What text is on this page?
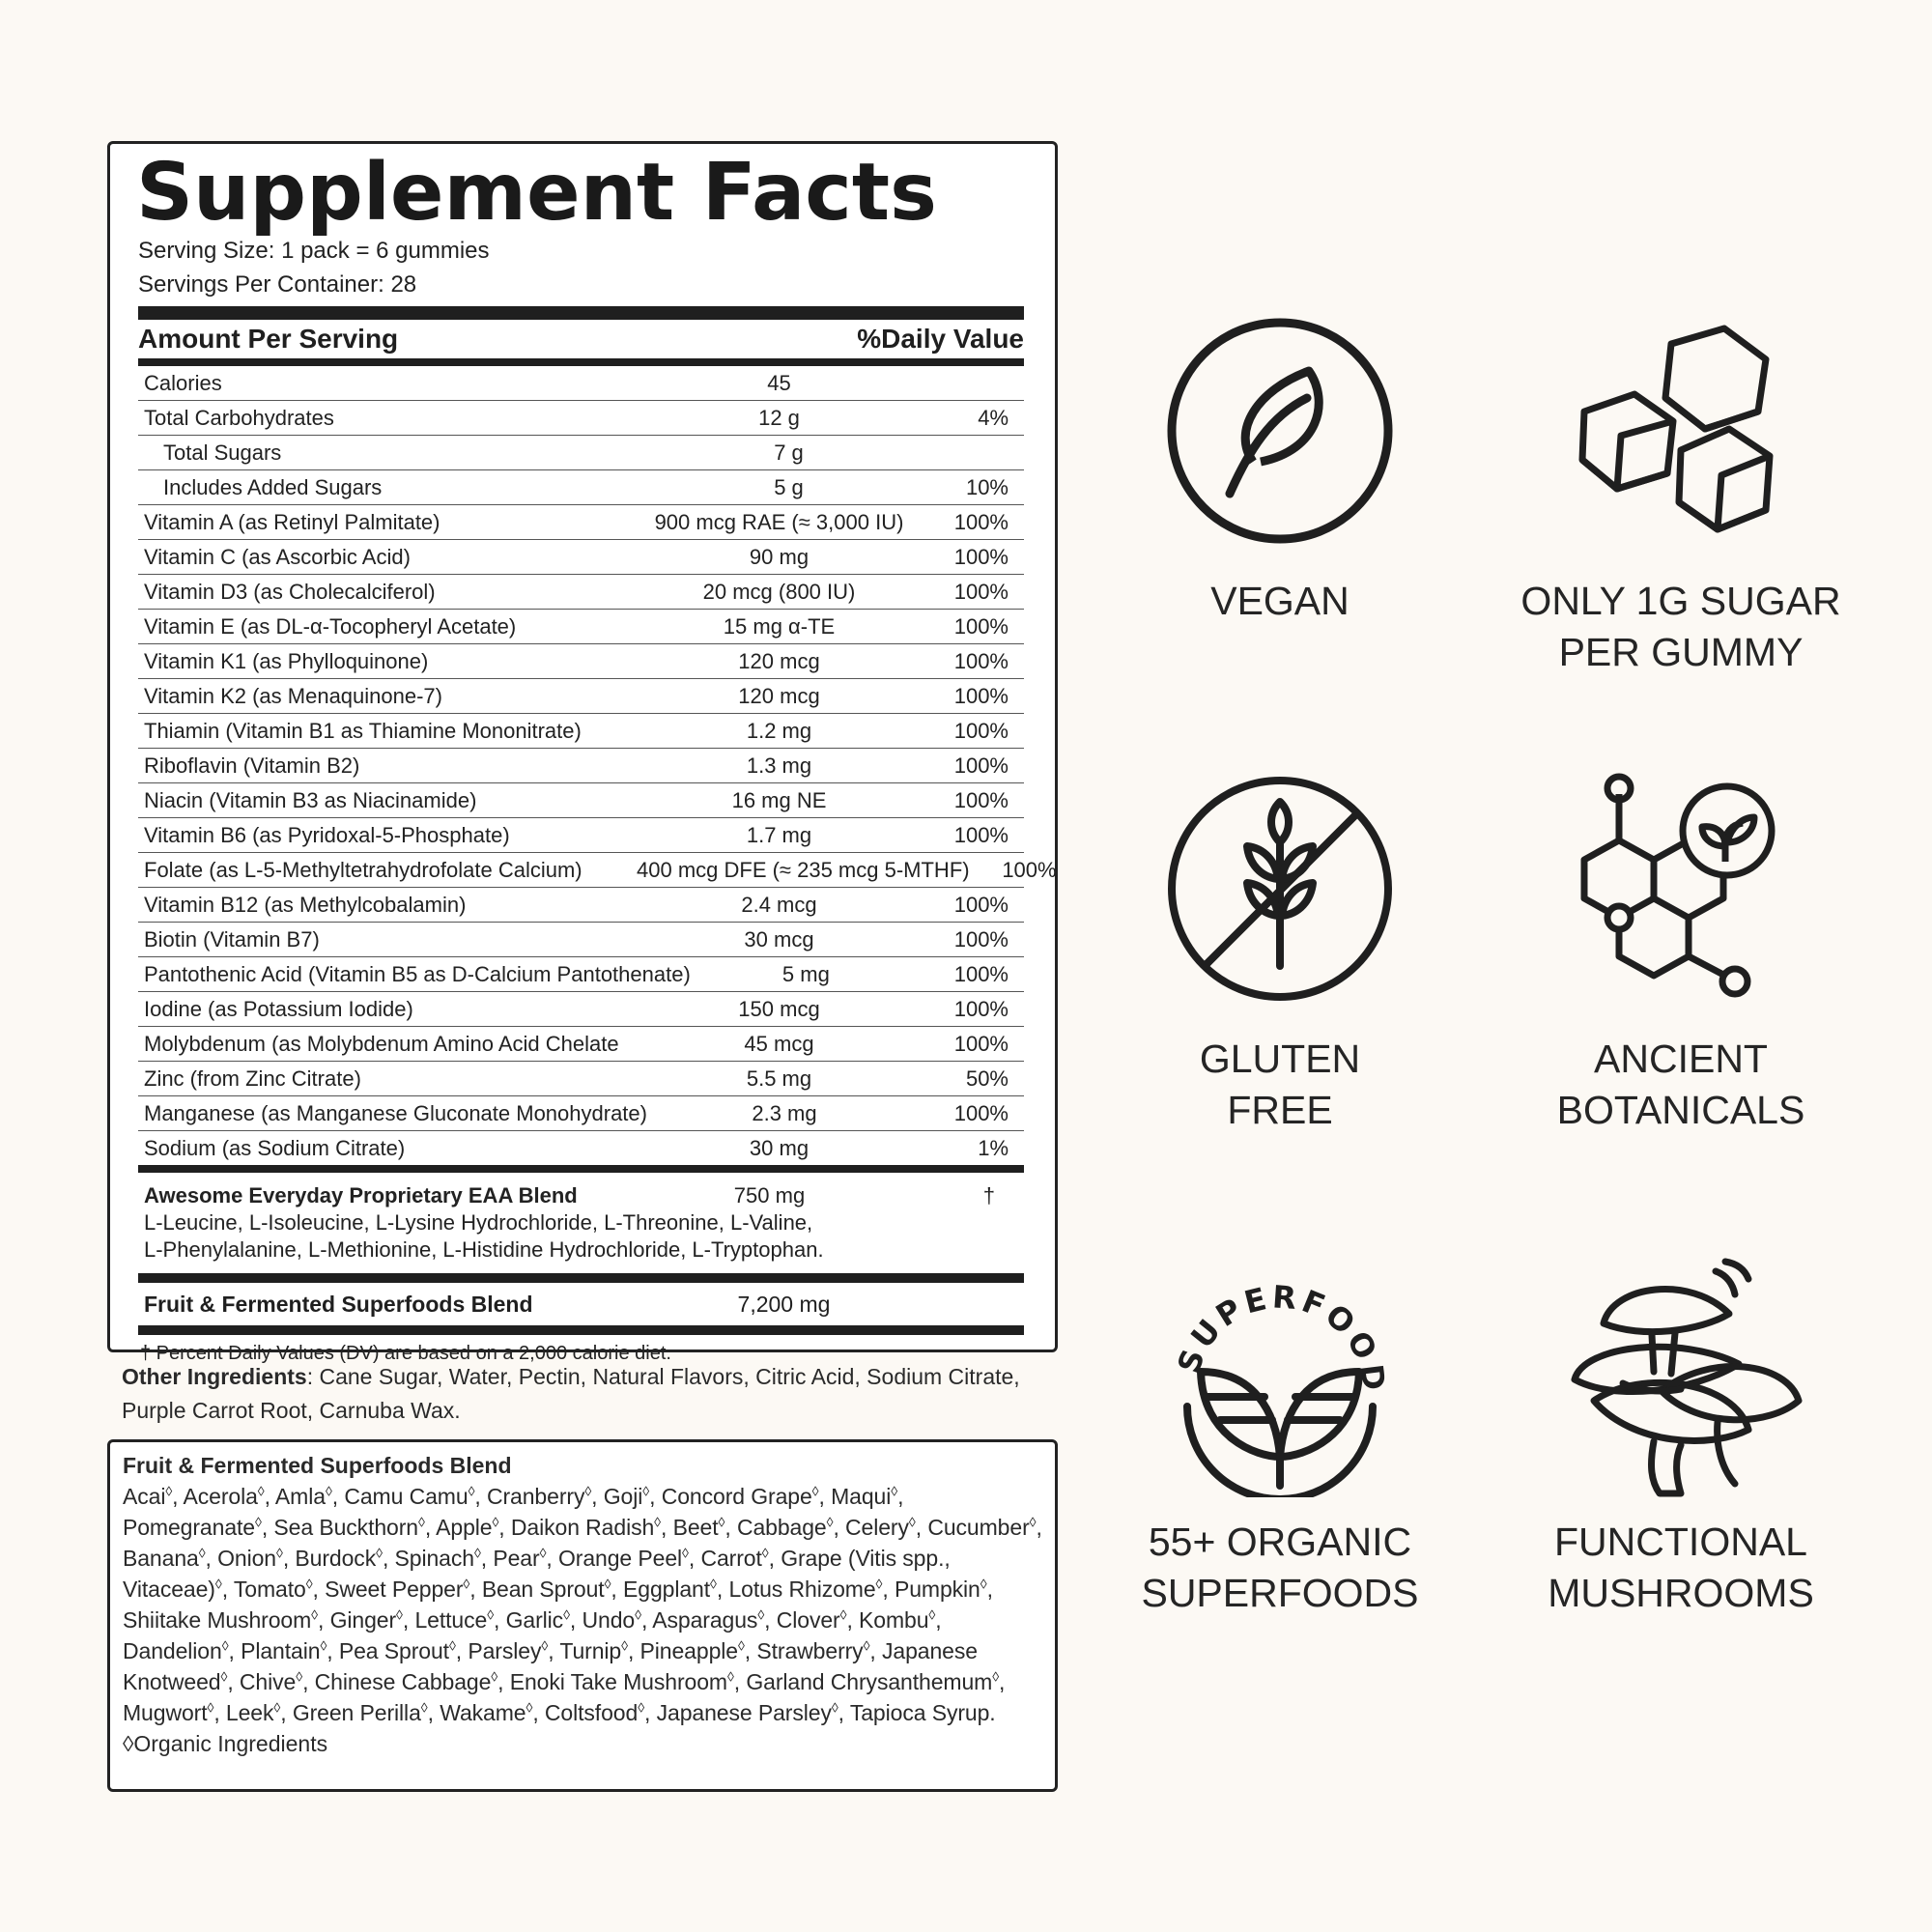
Supplement Facts
Serving Size: 1 pack = 6 gummies
Servings Per Container: 28
Amount Per Serving	%Daily Value
Calories	45
Total Carbohydrates	12 g	4%
Total Sugars	7 g
Includes Added Sugars	5 g	10%
Vitamin A (as Retinyl Palmitate)	900 mcg RAE (≈ 3,000 IU)	100%
Vitamin C (as Ascorbic Acid)	90 mg	100%
Vitamin D3 (as Cholecalciferol)	20 mcg (800 IU)	100%
Vitamin E (as DL-α-Tocopheryl Acetate)	15 mg α-TE	100%
Vitamin K1 (as Phylloquinone)	120 mcg	100%
Vitamin K2 (as Menaquinone-7)	120 mcg	100%
Thiamin (Vitamin B1 as Thiamine Mononitrate)	1.2 mg	100%
Riboflavin (Vitamin B2)	1.3 mg	100%
Niacin (Vitamin B3 as Niacinamide)	16 mg NE	100%
Vitamin B6 (as Pyridoxal-5-Phosphate)	1.7 mg	100%
Folate (as L-5-Methyltetrahydrofolate Calcium)	400 mcg DFE (≈ 235 mcg 5-MTHF)	100%
Vitamin B12 (as Methylcobalamin)	2.4 mcg	100%
Biotin (Vitamin B7)	30 mcg	100%
Pantothenic Acid (Vitamin B5 as D-Calcium Pantothenate)	5 mg	100%
Iodine (as Potassium Iodide)	150 mcg	100%
Molybdenum (as Molybdenum Amino Acid Chelate	45 mcg	100%
Zinc (from Zinc Citrate)	5.5 mg	50%
Manganese (as Manganese Gluconate Monohydrate)	2.3 mg	100%
Sodium (as Sodium Citrate)	30 mg	1%
Awesome Everyday Proprietary EAA Blend	750 mg	†
L-Leucine, L-Isoleucine, L-Lysine Hydrochloride, L-Threonine, L-Valine,
L-Phenylalanine, L-Methionine, L-Histidine Hydrochloride, L-Tryptophan.
Fruit & Fermented Superfoods Blend	7,200 mg
† Percent Daily Values (DV) are based on a 2,000 calorie diet.
Other Ingredients: Cane Sugar, Water, Pectin, Natural Flavors, Citric Acid, Sodium Citrate, Purple Carrot Root, Carnuba Wax.
Fruit & Fermented Superfoods Blend
Acai◊, Acerola◊, Amla◊, Camu Camu◊, Cranberry◊, Goji◊, Concord Grape◊, Maqui◊, Pomegranate◊, Sea Buckthorn◊, Apple◊, Daikon Radish◊, Beet◊, Cabbage◊, Celery◊, Cucumber◊, Banana◊, Onion◊, Burdock◊, Spinach◊, Pear◊, Orange Peel◊, Carrot◊, Grape (Vitis spp., Vitaceae)◊, Tomato◊, Sweet Pepper◊, Bean Sprout◊, Eggplant◊, Lotus Rhizome◊, Pumpkin◊, Shiitake Mushroom◊, Ginger◊, Lettuce◊, Garlic◊, Undo◊, Asparagus◊, Clover◊, Kombu◊, Dandelion◊, Plantain◊, Pea Sprout◊, Parsley◊, Turnip◊, Pineapple◊, Strawberry◊, Japanese Knotweed◊, Chive◊, Chinese Cabbage◊, Enoki Take Mushroom◊, Garland Chrysanthemum◊, Mugwort◊, Leek◊, Green Perilla◊, Wakame◊, Coltsfood◊, Japanese Parsley◊, Tapioca Syrup.
◊Organic Ingredients
VEGAN	ONLY 1G SUGAR
PER GUMMY
GLUTEN
FREE
ANCIENT
BOTANICALS
SUPERFOOD
55+ ORGANIC
SUPERFOODS
FUNCTIONAL
MUSHROOMS
